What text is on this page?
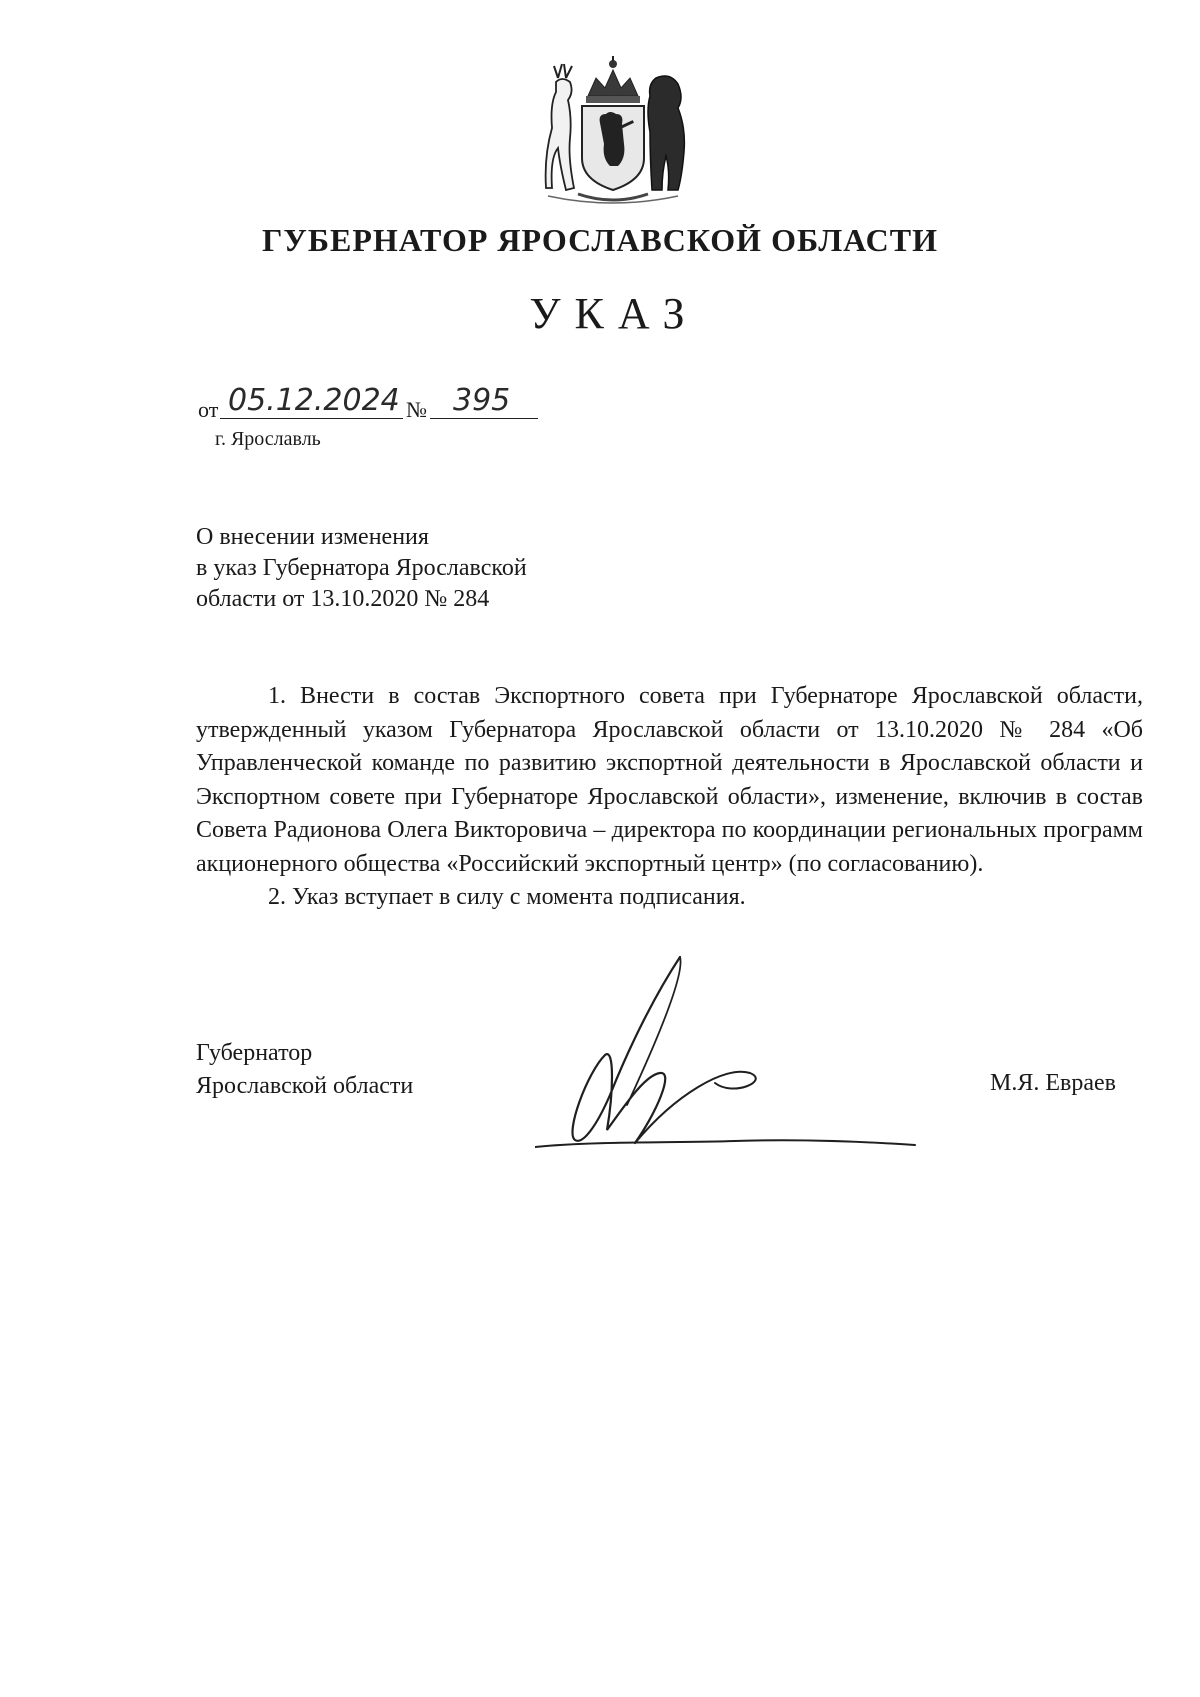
ГУБЕРНАТОР ЯРОСЛАВСКОЙ ОБЛАСТИ
УКАЗ
от 05.12.2024 № 395
г. Ярославль
О внесении изменения
в указ Губернатора Ярославской
области от 13.10.2020 № 284

1. Внести в состав Экспортного совета при Губернаторе Ярославской области, утвержденный указом Губернатора Ярославской области от 13.10.2020 № 284 «Об Управленческой команде по развитию экспортной деятельности в Ярославской области и Экспортном совете при Губернаторе Ярославской области», изменение, включив в состав Совета Радионова Олега Викторовича – директора по координации региональных программ акционерного общества «Российский экспортный центр» (по согласованию).

2. Указ вступает в силу с момента подписания.

Губернатор
Ярославской области	М.Я. Евраев
